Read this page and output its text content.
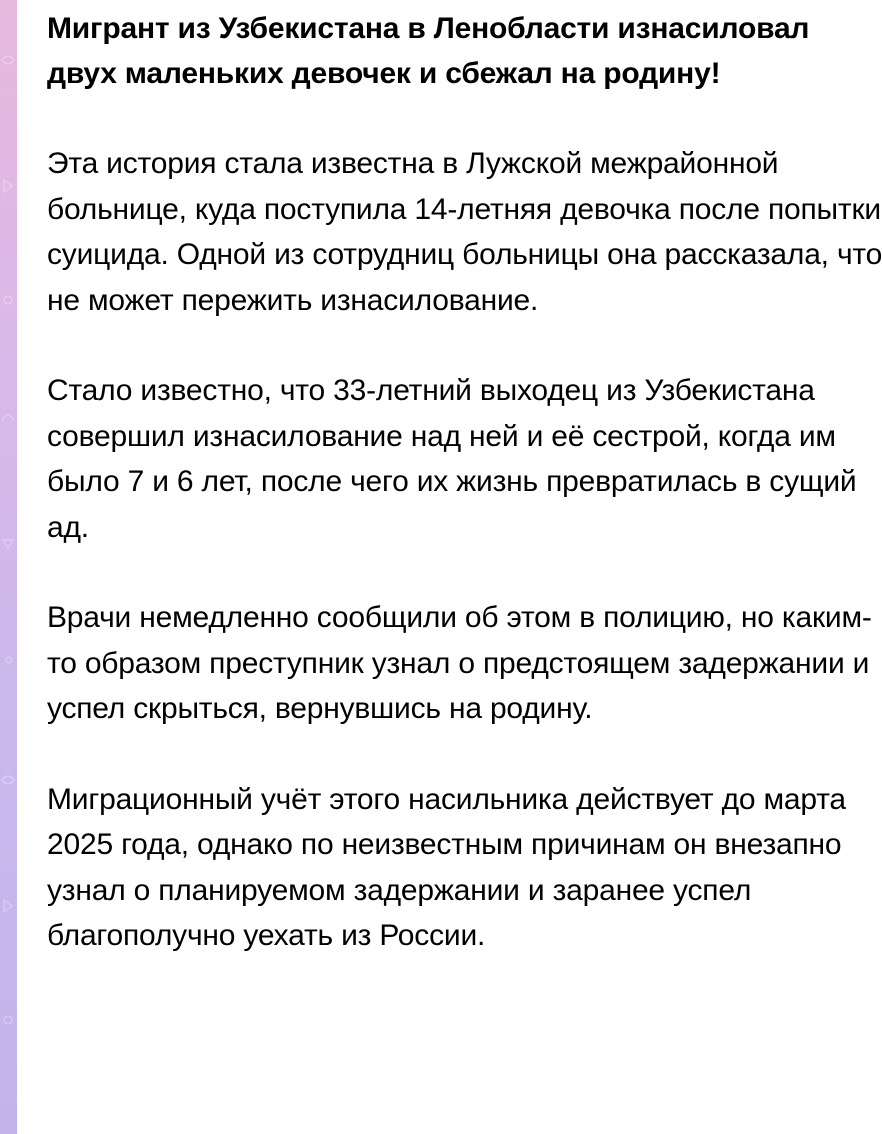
Мигрант из Узбекистана в Ленобласти изнасиловал двух маленьких девочек и сбежал на родину!

Эта история стала известна в Лужской межрайонной больнице, куда поступила 14-летняя девочка после попытки суицида. Одной из сотрудниц больницы она рассказала, что не может пережить изнасилование.

Стало известно, что 33-летний выходец из Узбекистана совершил изнасилование над ней и её сестрой, когда им было 7 и 6 лет, после чего их жизнь превратилась в сущий ад.

Врачи немедленно сообщили об этом в полицию, но каким-то образом преступник узнал о предстоящем задержании и успел скрыться, вернувшись на родину.

Миграционный учёт этого насильника действует до марта 2025 года, однако по неизвестным причинам он внезапно узнал о планируемом задержании и заранее успел благополучно уехать из России.
